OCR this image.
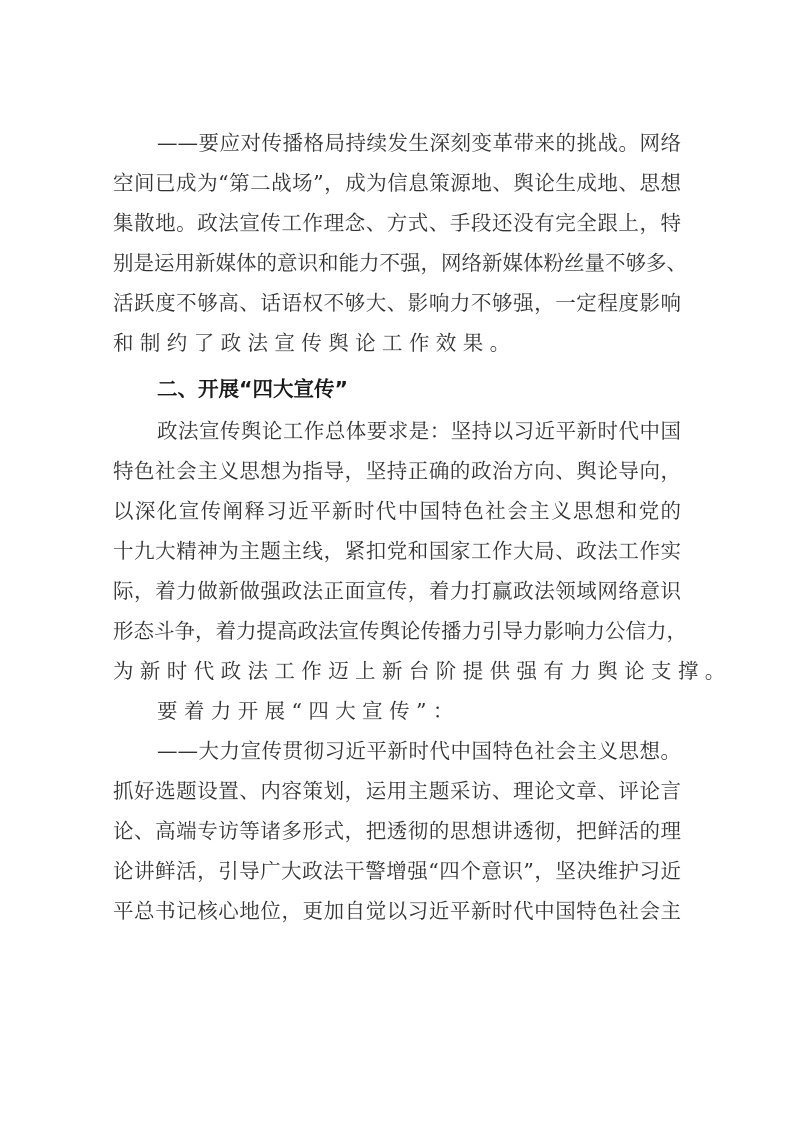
——要应对传播格局持续发生深刻变革带来的挑战。网络
空间已成为“第二战场”，成为信息策源地、舆论生成地、思想
集散地。政法宣传工作理念、方式、手段还没有完全跟上，特
别是运用新媒体的意识和能力不强，网络新媒体粉丝量不够多、
活跃度不够高、话语权不够大、影响力不够强，一定程度影响
和制约了政法宣传舆论工作效果。
二、开展“四大宣传”
政法宣传舆论工作总体要求是：坚持以习近平新时代中国
特色社会主义思想为指导，坚持正确的政治方向、舆论导向，
以深化宣传阐释习近平新时代中国特色社会主义思想和党的
十九大精神为主题主线，紧扣党和国家工作大局、政法工作实
际，着力做新做强政法正面宣传，着力打赢政法领域网络意识
形态斗争，着力提高政法宣传舆论传播力引导力影响力公信力，
为新时代政法工作迈上新台阶提供强有力舆论支撑。
要着力开展“四大宣传”：
——大力宣传贯彻习近平新时代中国特色社会主义思想。
抓好选题设置、内容策划，运用主题采访、理论文章、评论言
论、高端专访等诸多形式，把透彻的思想讲透彻，把鲜活的理
论讲鲜活，引导广大政法干警增强“四个意识”，坚决维护习近
平总书记核心地位，更加自觉以习近平新时代中国特色社会主
